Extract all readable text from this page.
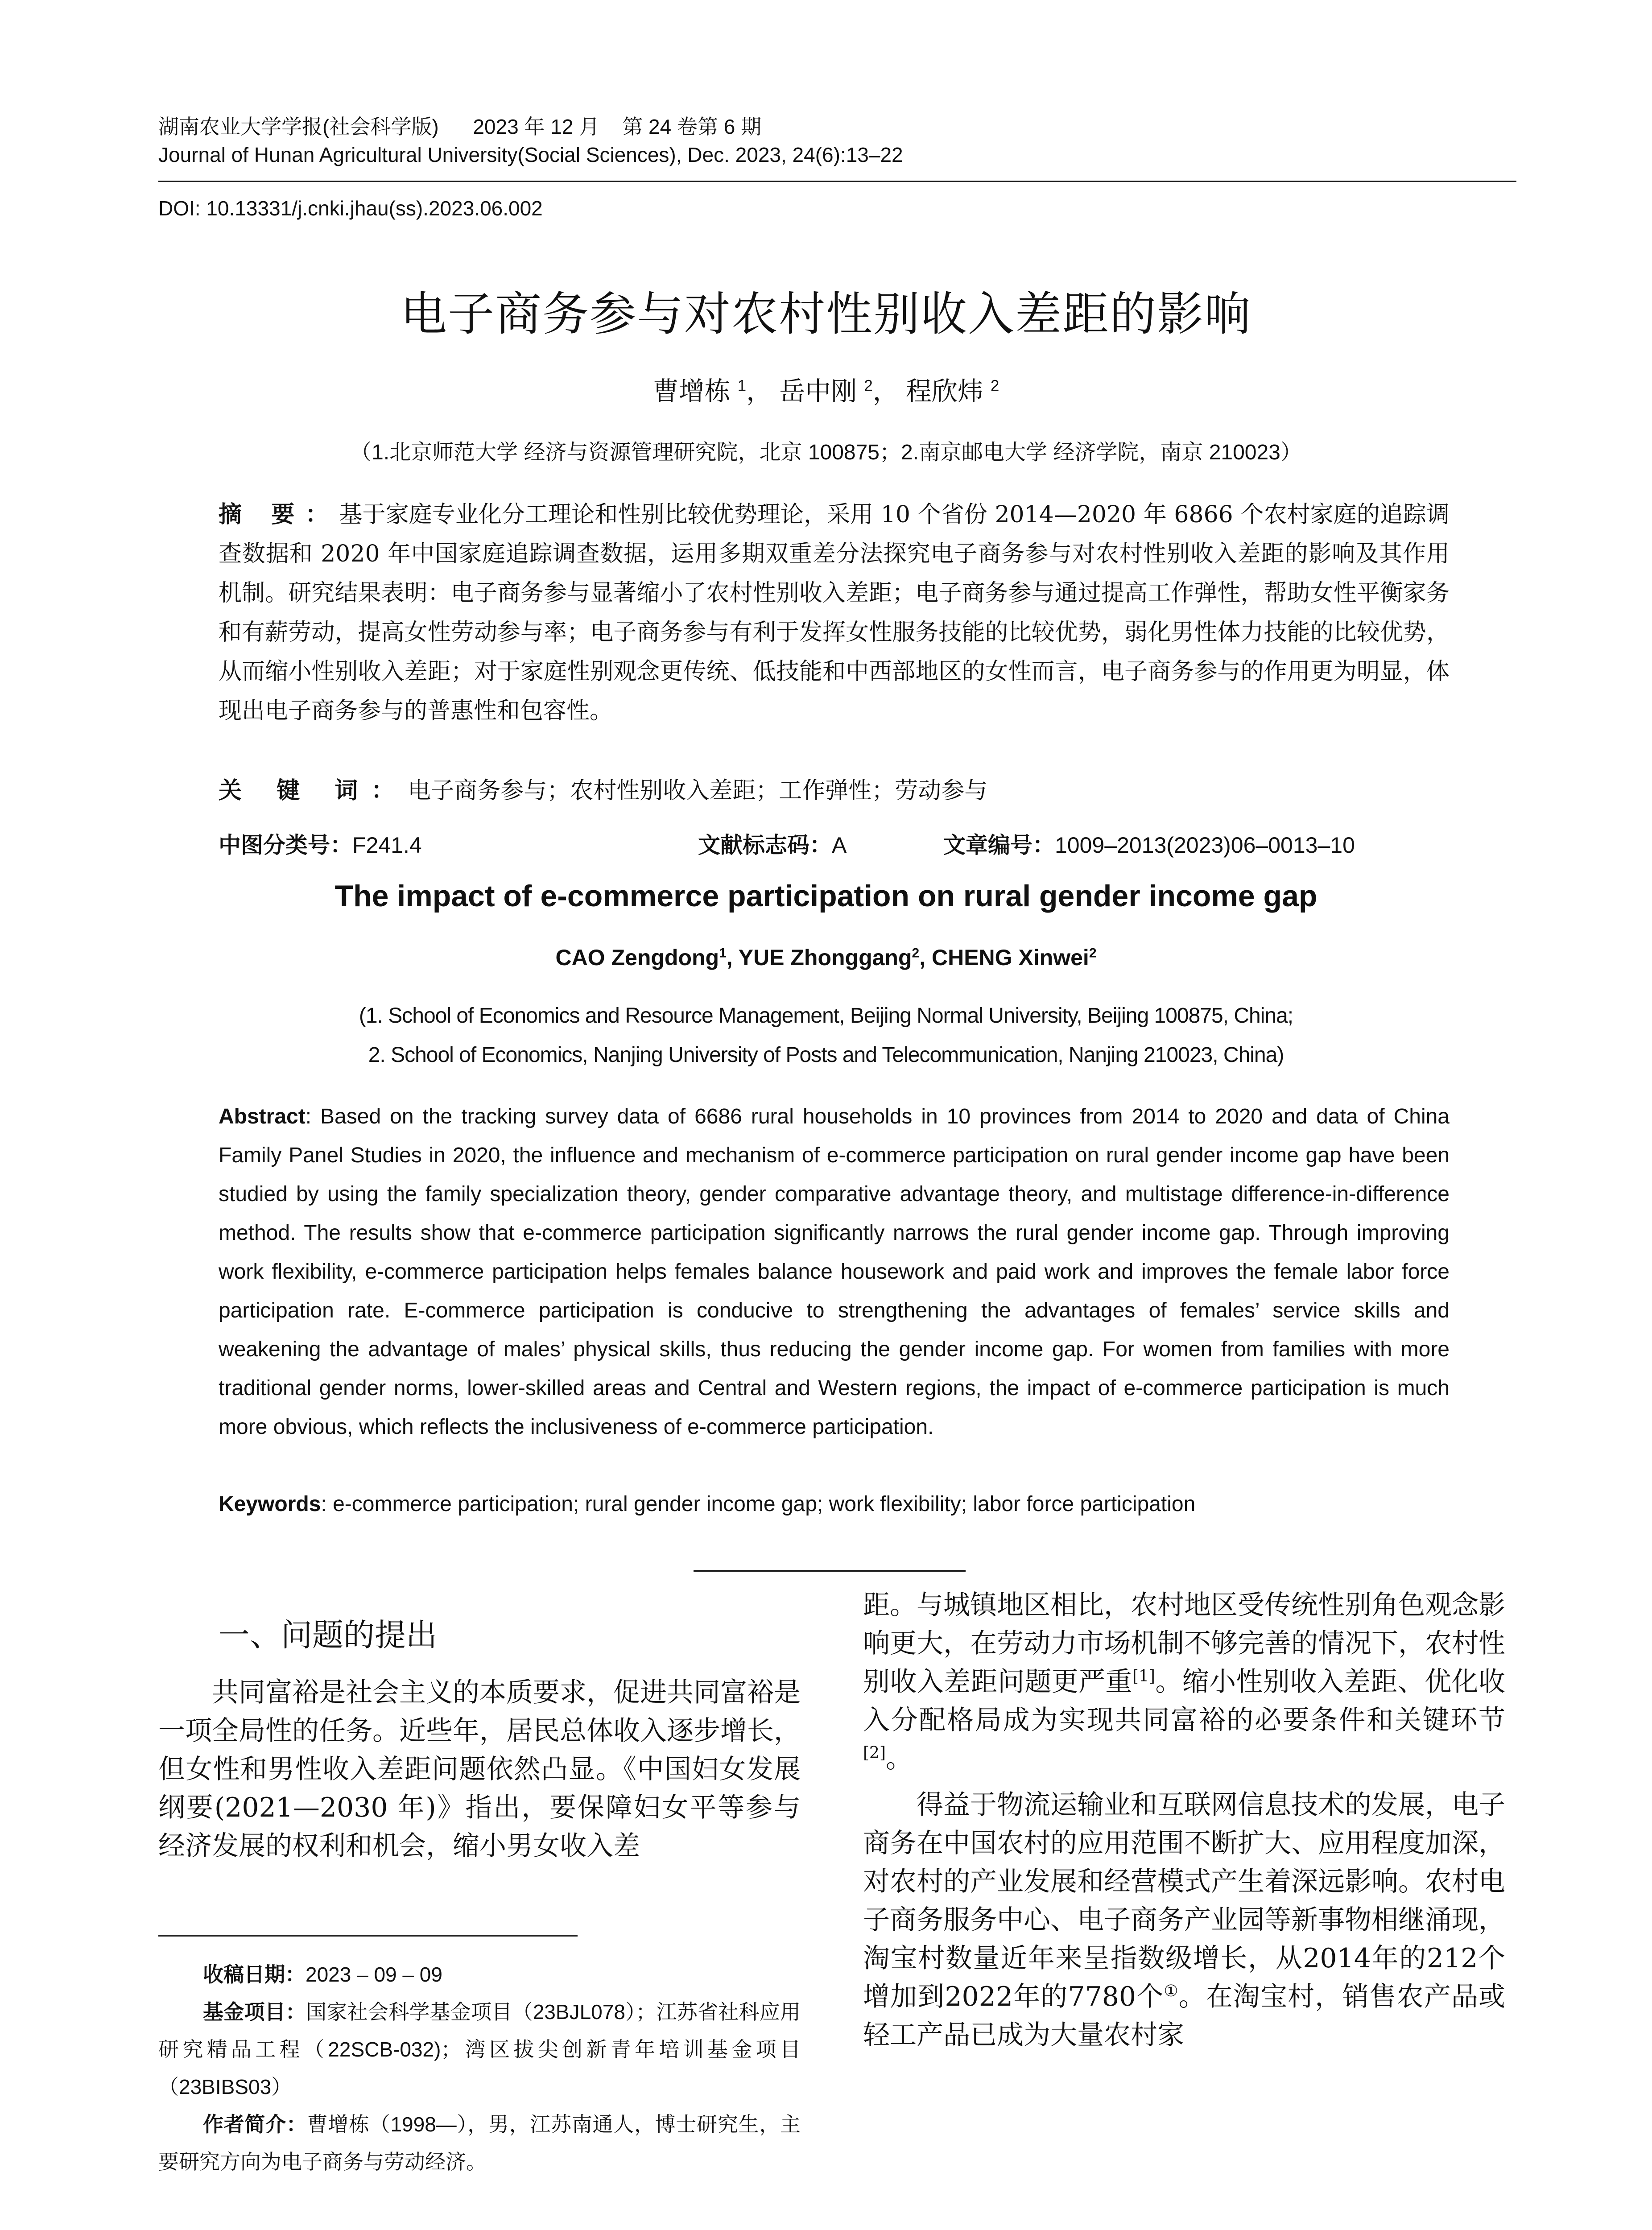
湖南农业大学学报(社会科学版)      2023 年 12 月    第 24 卷第 6 期
Journal of Hunan Agricultural University(Social Sciences), Dec. 2023, 24(6):13–22
DOI: 10.13331/j.cnki.jhau(ss).2023.06.002
电子商务参与对农村性别收入差距的影响
曹增栋 $^1$， 岳中刚 $^2$， 程欣炜 $^2$
（1.北京师范大学 经济与资源管理研究院，北京 100875；2.南京邮电大学 经济学院，南京 210023）
摘 要：基于家庭专业化分工理论和性别比较优势理论，采用 10 个省份 2014—2020 年 6866 个农村家庭的追踪调查数据和 2020 年中国家庭追踪调查数据，运用多期双重差分法探究电子商务参与对农村性别收入差距的影响及其作用机制。研究结果表明：电子商务参与显著缩小了农村性别收入差距；电子商务参与通过提高工作弹性，帮助女性平衡家务和有薪劳动，提高女性劳动参与率；电子商务参与有利于发挥女性服务技能的比较优势，弱化男性体力技能的比较优势，从而缩小性别收入差距；对于家庭性别观念更传统、低技能和中西部地区的女性而言，电子商务参与的作用更为明显，体现出电子商务参与的普惠性和包容性。
关 键 词：电子商务参与；农村性别收入差距；工作弹性；劳动参与
中图分类号：F241.4	文献标志码：A	文章编号：1009–2013(2023)06–0013–10
The impact of e-commerce participation on rural gender income gap
CAO Zengdong$^1$, YUE Zhonggang$^2$, CHENG Xinwei$^2$
(1. School of Economics and Resource Management, Beijing Normal University, Beijing 100875, China;
2. School of Economics, Nanjing University of Posts and Telecommunication, Nanjing 210023, China)
Abstract: Based on the tracking survey data of 6686 rural households in 10 provinces from 2014 to 2020 and data of China Family Panel Studies in 2020, the influence and mechanism of e-commerce participation on rural gender income gap have been studied by using the family specialization theory, gender comparative advantage theory, and multistage difference-in-difference method. The results show that e-commerce participation significantly narrows the rural gender income gap. Through improving work flexibility, e-commerce participation helps females balance housework and paid work and improves the female labor force participation rate. E-commerce participation is conducive to strengthening the advantages of females’ service skills and weakening the advantage of males’ physical skills, thus reducing the gender income gap. For women from families with more traditional gender norms, lower-skilled areas and Central and Western regions, the impact of e-commerce participation is much more obvious, which reflects the inclusiveness of e-commerce participation.
Keywords: e-commerce participation; rural gender income gap; work flexibility; labor force participation
一、问题的提出

共同富裕是社会主义的本质要求，促进共同富裕是一项全局性的任务。近些年，居民总体收入逐步增长，但女性和男性收入差距问题依然凸显。《中国妇女发展纲要(2021—2030 年)》指出，要保障妇女平等参与经济发展的权利和机会，缩小男女收入差

距。与城镇地区相比，农村地区受传统性别角色观念影响更大，在劳动力市场机制不够完善的情况下，农村性别收入差距问题更严重[1]。缩小性别收入差距、优化收入分配格局成为实现共同富裕的必要条件和关键环节[2]。

得益于物流运输业和互联网信息技术的发展，电子商务在中国农村的应用范围不断扩大、应用程度加深，对农村的产业发展和经营模式产生着深远影响。农村电子商务服务中心、电子商务产业园等新事物相继涌现，淘宝村数量近年来呈指数级增长，从2014年的212个增加到2022年的7780个①。在淘宝村，销售农产品或轻工产品已成为大量农村家

收稿日期：2023 – 09 – 09
基金项目：国家社会科学基金项目（23BJL078）；江苏省社科应用研究精品工程（22SCB-032)；湾区拔尖创新青年培训基金项目（23BIBS03）
作者简介：曹增栋（1998—），男，江苏南通人，博士研究生，主要研究方向为电子商务与劳动经济。
